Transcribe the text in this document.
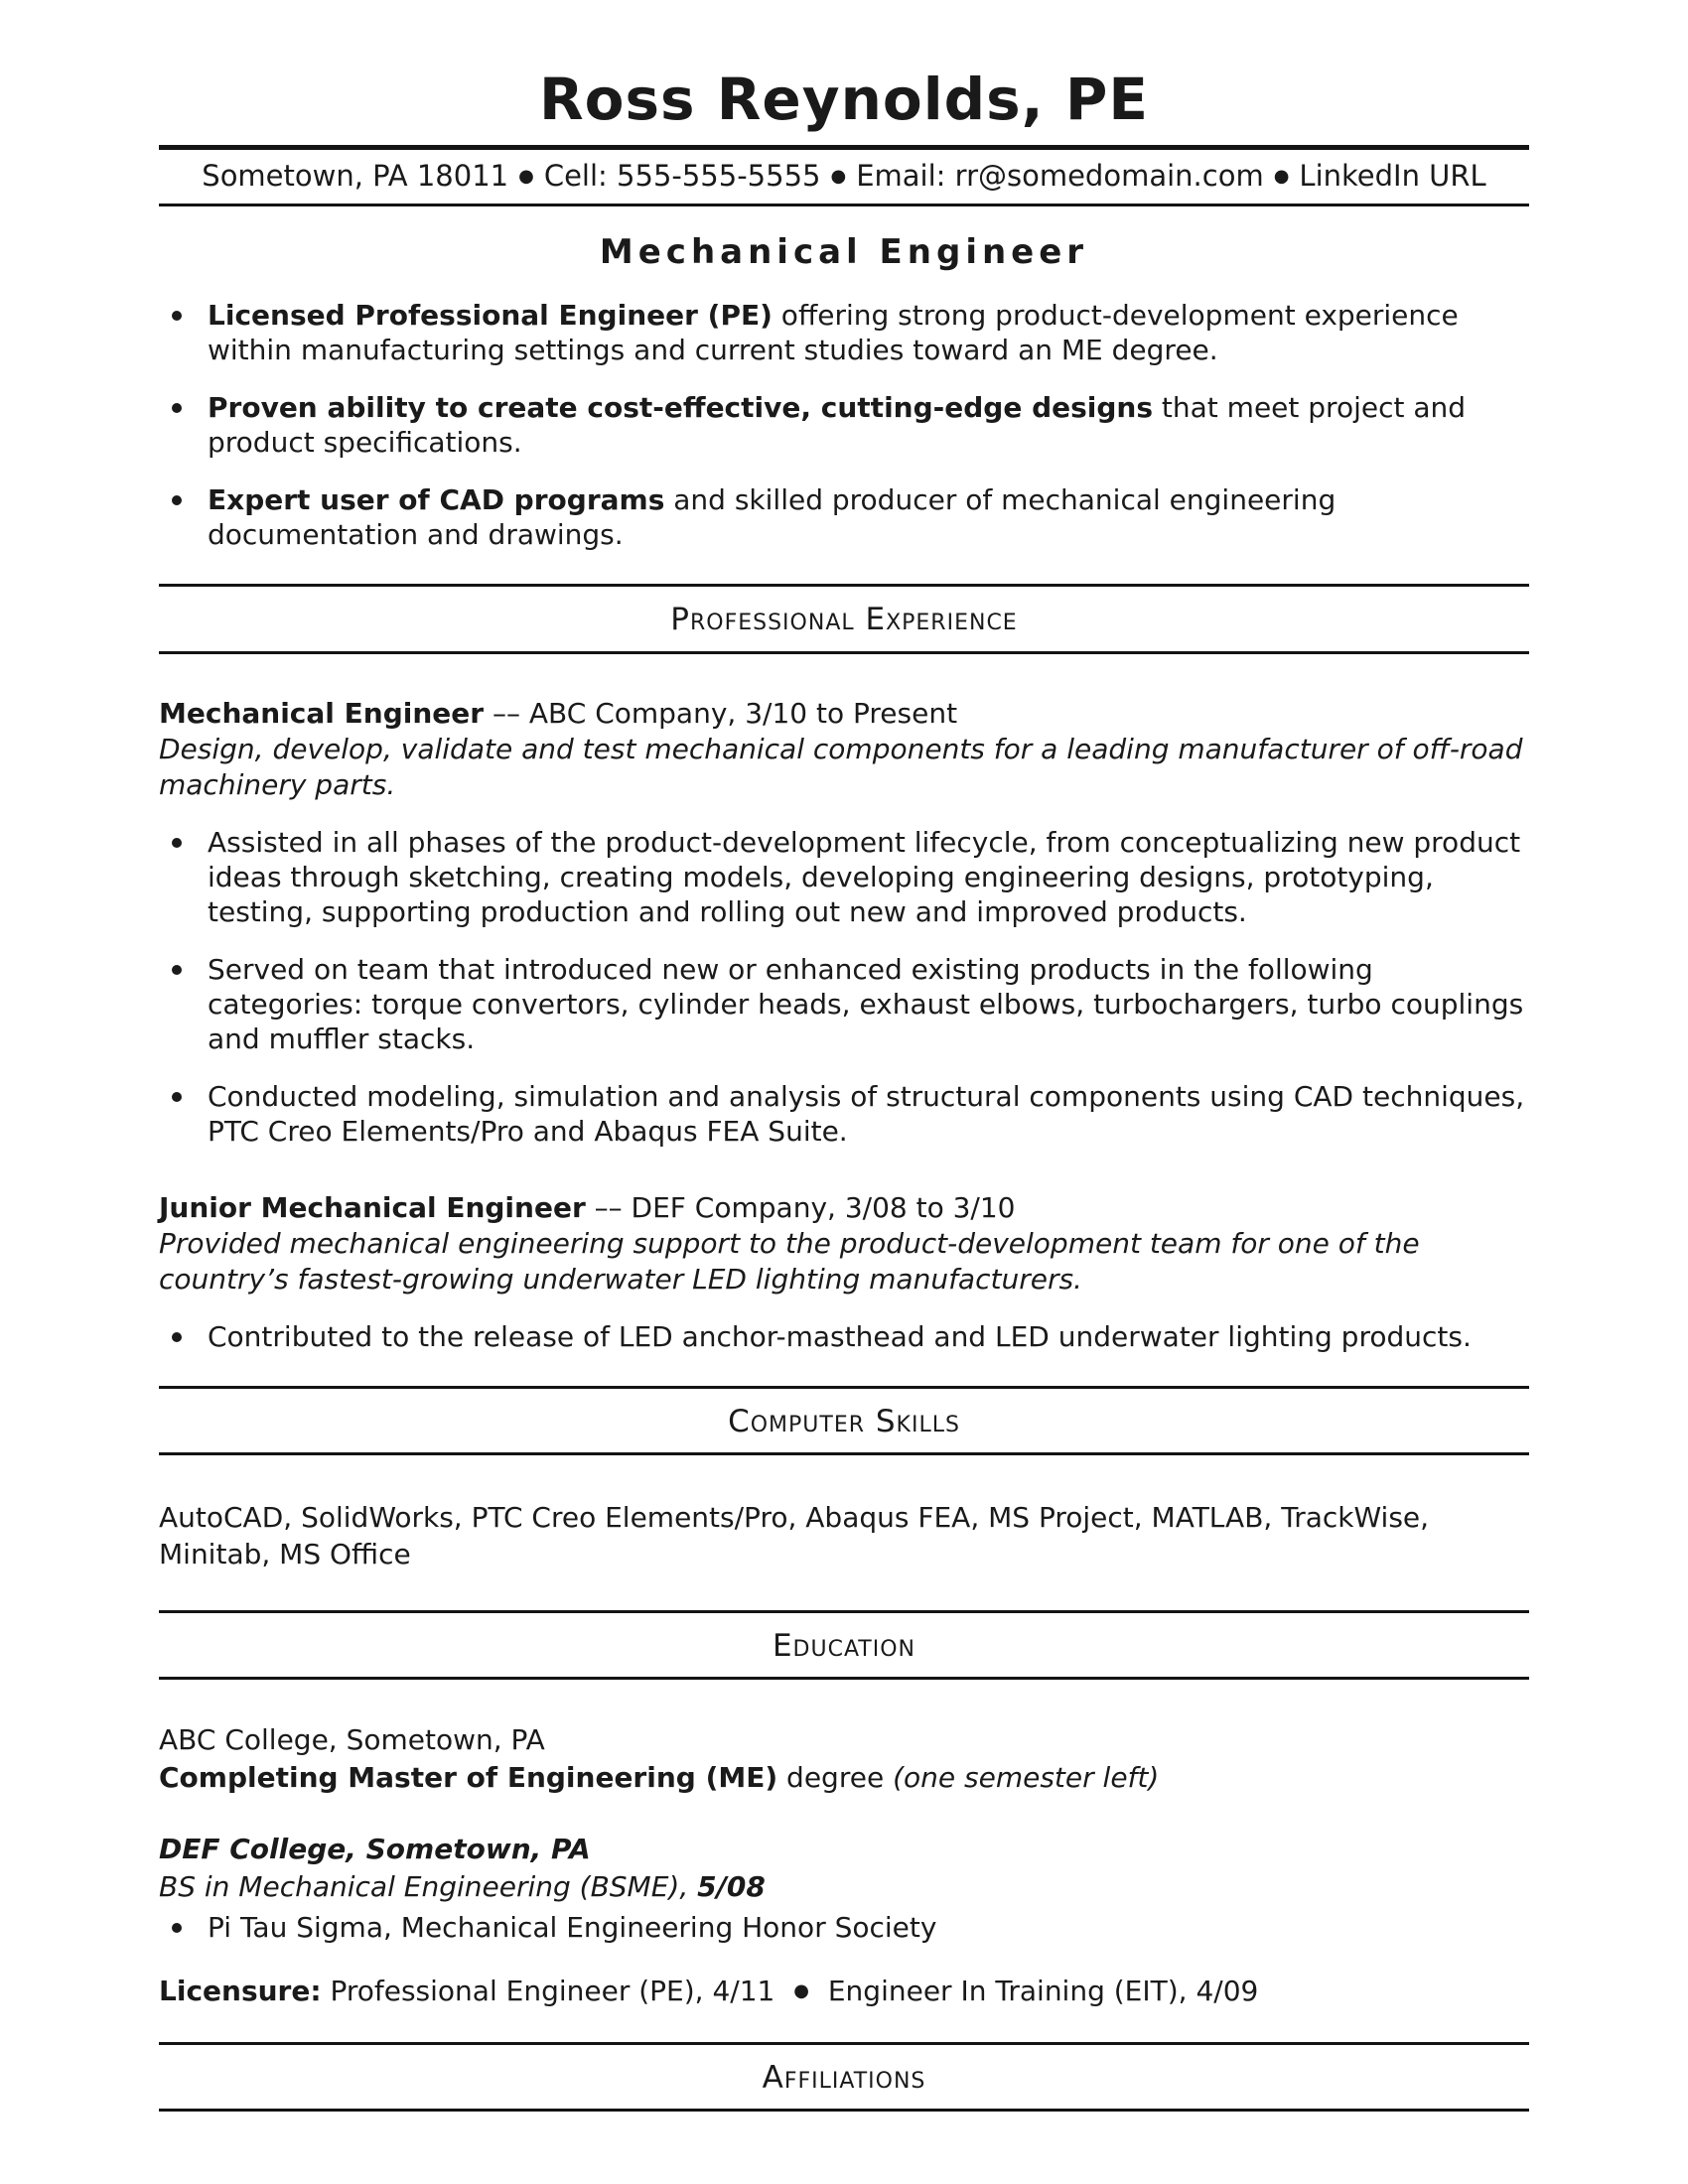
Ross Reynolds, PE
Sometown, PA 18011 ● Cell: 555-555-5555 ● Email: rr@somedomain.com ● LinkedIn URL
Mechanical Engineer
Licensed Professional Engineer (PE) offering strong product-development experience within manufacturing settings and current studies toward an ME degree.
Proven ability to create cost-effective, cutting-edge designs that meet project and product specifications.
Expert user of CAD programs and skilled producer of mechanical engineering documentation and drawings.
Professional Experience

Mechanical Engineer –– ABC Company, 3/10 to Present

Design, develop, validate and test mechanical components for a leading manufacturer of off-road machinery parts.

Assisted in all phases of the product-development lifecycle, from conceptualizing new product ideas through sketching, creating models, developing engineering designs, prototyping, testing, supporting production and rolling out new and improved products.
Served on team that introduced new or enhanced existing products in the following categories: torque convertors, cylinder heads, exhaust elbows, turbochargers, turbo couplings and muffler stacks.
Conducted modeling, simulation and analysis of structural components using CAD techniques, PTC Creo Elements/Pro and Abaqus FEA Suite.

Junior Mechanical Engineer –– DEF Company, 3/08 to 3/10

Provided mechanical engineering support to the product-development team for one of the country’s fastest-growing underwater LED lighting manufacturers.

Contributed to the release of LED anchor-masthead and LED underwater lighting products.
Computer Skills

AutoCAD, SolidWorks, PTC Creo Elements/Pro, Abaqus FEA, MS Project, MATLAB, TrackWise, Minitab, MS Office

Education

ABC College, Sometown, PA

Completing Master of Engineering (ME) degree (one semester left)

DEF College, Sometown, PA

BS in Mechanical Engineering (BSME), 5/08

Pi Tau Sigma, Mechanical Engineering Honor Society

Licensure: Professional Engineer (PE), 4/11 ● Engineer In Training (EIT), 4/09

Affiliations
